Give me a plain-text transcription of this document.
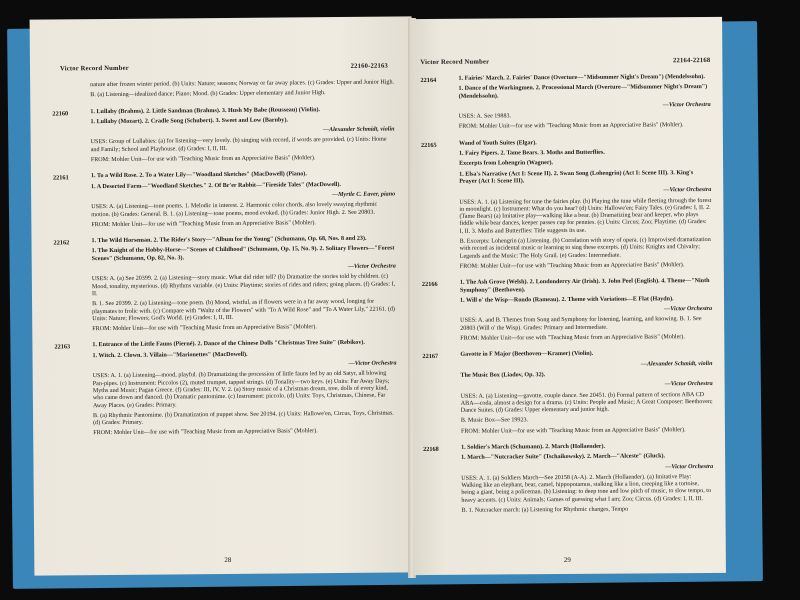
Victor Record Number	22160-22163

nature after frozen winter period. (b) Units: Nature; seasons; Norway or far away places. (c) Grades: Upper and Junior High.

B. (a) Listening—idealized dance; Piano; Mood. (b) Grades: Upper elementary and Junior High.

22160	1. Lullaby (Brahms). 2. Little Sandman (Brahms). 3. Hush My Babe (Rousseau) (Violin).

1. Lullaby (Mozart). 2. Cradle Song (Schubert). 3. Sweet and Low (Barnby).

—Alexander Schmidt, violin

USES: Group of Lullabies: (a) for listening—very lovely. (b) singing with record, if words are provided. (c) Units: Home and Family; School and Playhouse. (d) Grades: I, II, III.

FROM: Mohler Unit—for use with "Teaching Music from an Appreciative Basis" (Mohler).

22161	1. To a Wild Rose. 2. To a Water Lily—"Woodland Sketches" (MacDowell) (Piano).

1. A Deserted Farm—"Woodland Sketches." 2. Of Br'er Rabbit—"Fireside Tales" (MacDowell).

—Myrtle C. Eaver, piano

USES: A. (a) Listening—tone poems. 1. Melodic in interest. 2. Harmonic color chords, also lovely swaying rhythmic motion. (b) Grades: General. B. 1. (a) Listening—tone poems, mood evoked. (b) Grades: Junior High. 2. See 20803.

FROM: Mohler Unit—for use with "Teaching Music from an Appreciative Basis" (Mohler).

22162	1. The Wild Horseman. 2. The Rider's Story—"Album for the Young" (Schumann, Op. 68, Nos. 8 and 23).

1. The Knight of the Hobby-Horse—"Scenes of Childhood" (Schumann, Op. 15, No. 9). 2. Solitary Flowers—"Forest Scenes" (Schumann, Op. 82, No. 3).

—Victor Orchestra

USES: A. (a) See 20399. 2. (a) Listening—story music. What did rider tell? (b) Dramatize the stories told by children. (c) Mood, tonality, mysterious. (d) Rhythms variable. (e) Units: Playtime; stories of rides and riders; going places. (f) Grades: I, II.

B. 1. See 20399. 2. (a) Listening—tone poem. (b) Mood, wistful, as if flowers were in a far away wood, longing for playmates to frolic with. (c) Compare with "Waltz of the Flowers" with "To A Wild Rose" and "To A Water Lily," 22161. (d) Units: Nature; Flowers; God's World. (e) Grades: I, II, III.

FROM: Mohler Unit—for use with "Teaching Music from an Appreciative Basis" (Mohler).

22163	1. Entrance of the Little Fauns (Pierné). 2. Dance of the Chinese Dolls "Christmas Tree Suite" (Rebikov).

1. Witch. 2. Clown. 3. Villain—"Marionettes" (MacDowell).

—Victor Orchestra

USES: A. 1. (a) Listening—mood, playful. (b) Dramatizing the procession of little fauns led by an old Satyr, all blowing Pan-pipes. (c) Instrument: Piccolos (2), muted trumpet, tapped strings. (d) Tonality—two keys. (e) Units: Far Away Days; Myths and Music; Pagan Greece. (f) Grades: III, IV, V. 2. (a) Story music of a Christmas dream, tree, dolls of every kind, who came down and danced. (b) Dramatic pantomime. (c) Instrument: piccolo. (d) Units: Toys, Christmas, Chinese, Far Away Places. (e) Grades: Primary.

B. (a) Rhythmic Pantomime. (b) Dramatization of puppet show. See 20194. (c) Units: Hallowe'en, Circus, Toys, Christmas. (d) Grades: Primary.

FROM: Mohler Unit—for use with "Teaching Music from an Appreciative Basis" (Mohler).

28
Victor Record Number	22164-22168
22164	1. Fairies' March. 2. Fairies' Dance (Overture—"Midsummer Night's Dream") (Mendelssohn).

1. Dance of the Workingmen. 2. Processional March (Overture—"Midsummer Night's Dream") (Mendelssohn).

—Victor Orchestra

USES: A. See 19883.

FROM: Mohler Unit—for use with "Teaching Music from an Appreciative Basis" (Mohler).

22165	Wand of Youth Suites (Elgar).

1. Fairy Pipers. 2. Tame Bears. 3. Moths and Butterflies.

Excerpts from Lohengrin (Wagner).

1. Elsa's Narrative (Act I: Scene II). 2. Swan Song (Lohengrin) (Act I: Scene III). 3. King's Prayer (Act I: Scene III).

—Victor Orchestra

USES: A. 1. (a) Listening for tune the fairies play. (b) Playing the tune while fleeting through the forest in moonlight. (c) Instrument: What do you hear? (d) Units: Hallowe'en; Fairy Tales. (e) Grades: I, II. 2. (Tame Bears) (a) Imitative play—walking like a bear. (b) Dramatizing bear and keeper, who plays fiddle while bear dances, keeper passes cup for pennies. (c) Units: Circus; Zoo; Playtime. (d) Grades: I, II. 3. Moths and Butterflies: Title suggests its use.

B. Excerpts: Lohengrin (a) Listening. (b) Correlation with story of opera. (c) Improvised dramatization with record as incidental music or learning to sing these excerpts. (d) Units: Knights and Chivalry; Legends and the Music: The Holy Grail. (e) Grades: Intermediate.

FROM: Mohler Unit—for use with "Teaching Music from an Appreciative Basis" (Mohler).

22166	1. The Ash Grove (Welsh). 2. Londonderry Air (Irish). 3. John Peel (English). 4. Theme—"Ninth Symphony" (Beethoven).

1. Will o' the Wisp—Rondo (Rameau). 2. Theme with Variations—E Flat (Haydn).

—Victor Orchestra

USES: A. and B. Themes from Song and Symphony for listening, learning, and knowing. B. 1. See 20803 (Will o' the Wisp). Grades: Primary and Intermediate.

FROM: Mohler Unit—for use with "Teaching Music from an Appreciative Basis" (Mohler).

22167	Gavotte in F Major (Beethoven—Kramer) (Violin).

—Alexander Schmidt, violin

The Music Box (Liadov, Op. 32).

—Victor Orchestra

USES: A. (a) Listening—gavotte, couple dance. See 20451. (b) Formal pattern of sections ABA CD ABA—coda, almost a design for a drama. (c) Units: People and Music; A Great Composer: Beethoven; Dance Suites. (d) Grades: Upper elementary and junior high.

B. Music Box—See 19923.

FROM: Mohler Unit—for use with "Teaching Music from an Appreciative Basis" (Mohler).

22168	1. Soldier's March (Schumann). 2. March (Hollaender).

1. March—"Nutcracker Suite" (Tschaikowsky). 2. March—"Alceste" (Gluck).

—Victor Orchestra

USES: A. 1. (a) Soldiers March—See 20158 (A-A). 2. March (Hollaender). (a) Imitative Play: Walking like an elephant, bear, camel, hippopotamus, stalking like a lion, creeping like a tortoise, being a giant, being a policeman. (b) Listening: to deep tone and low pitch of music, to slow tempo, to heavy accents. (c) Units: Animals; Games of guessing what I am; Zoo; Circus. (d) Grades: I, II, III.

B. 1. Nutcracker march: (a) Listening for Rhythmic changes, Tempo

29
